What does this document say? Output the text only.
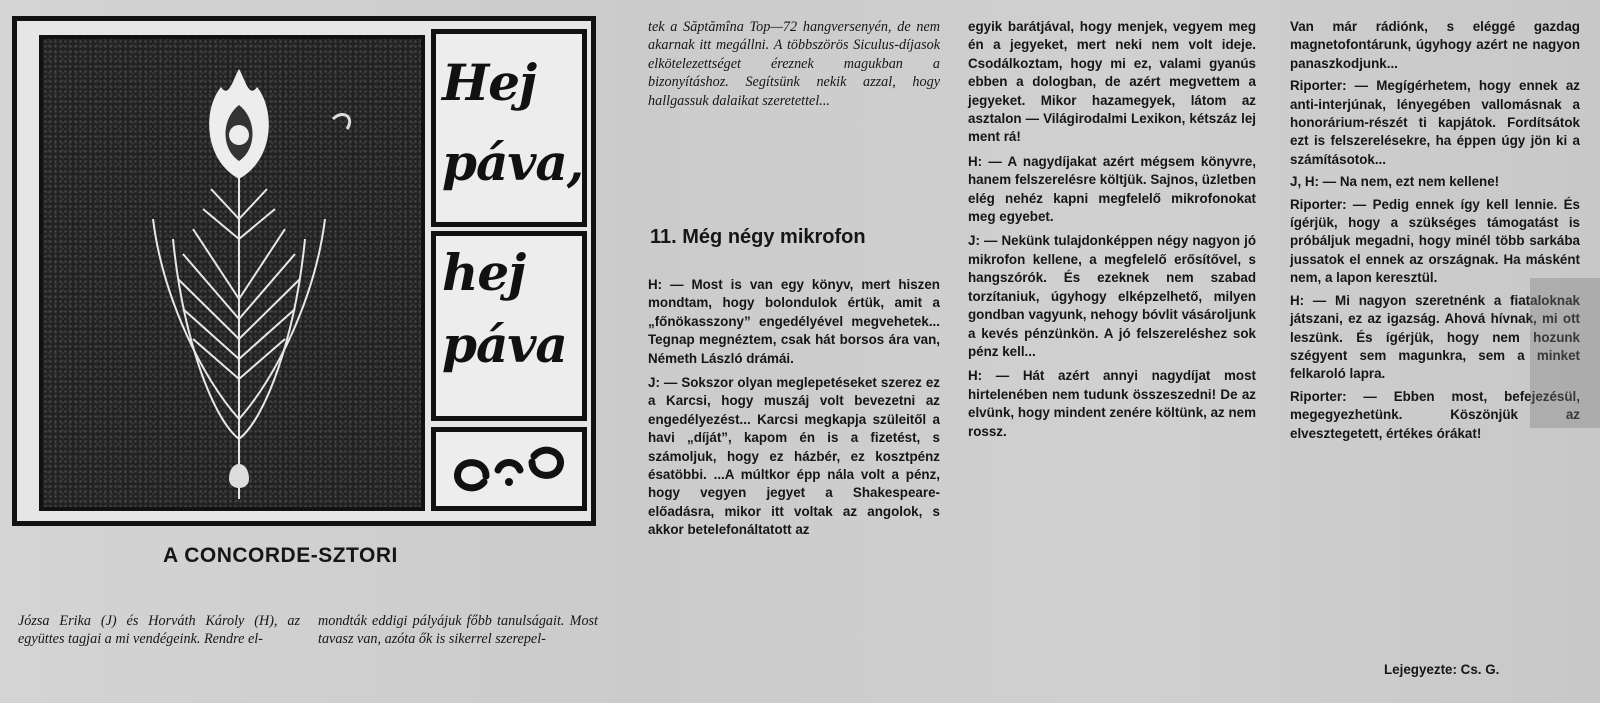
Hej
páva,
hej
páva
A CONCORDE-SZTORI

Józsa Erika (J) és Horváth Károly (H), az együttes tagjai a mi vendégeink. Rendre el-

mondták eddigi pályájuk főbb tanulságait. Most tavasz van, azóta ők is sikerrel szerepel-

tek a Săptămîna Top—72 hangversenyén, de nem akarnak itt megállni. A többszörös Siculus-díjasok elkötelezettséget éreznek magukban a bizonyításhoz. Segítsünk nekik azzal, hogy hallgassuk dalaikat szeretettel...

11. Még négy mikrofon

H: — Most is van egy könyv, mert hiszen mondtam, hogy bolondulok értük, amit a „főnökasszony” engedélyével megvehetek... Tegnap megnéztem, csak hát borsos ára van, Németh László drámái.

J: — Sokszor olyan meglepetéseket szerez ez a Karcsi, hogy muszáj volt bevezetni az engedélyezést... Karcsi megkapja szüleitől a havi „díját”, kapom én is a fizetést, s számoljuk, hogy ez házbér, ez kosztpénz ésatöbbi. ...A múltkor épp nála volt a pénz, hogy vegyen jegyet a Shakespeare-előadásra, mikor itt voltak az angolok, s akkor betelefonáltatott az

egyik barátjával, hogy menjek, vegyem meg én a jegyeket, mert neki nem volt ideje. Csodálkoztam, hogy mi ez, valami gyanús ebben a dologban, de azért megvettem a jegyeket. Mikor hazamegyek, látom az asztalon — Világirodalmi Lexikon, kétszáz lej ment rá!

H: — A nagydíjakat azért mégsem könyvre, hanem felszerelésre költjük. Sajnos, üzletben elég nehéz kapni megfelelő mikrofonokat meg egyebet.

J: — Nekünk tulajdonképpen négy nagyon jó mikrofon kellene, a megfelelő erősítővel, s hangszórók. És ezeknek nem szabad torzítaniuk, úgyhogy elképzelhető, milyen gondban vagyunk, nehogy bóvlit vásároljunk a kevés pénzünkön. A jó felszereléshez sok pénz kell...

H: — Hát azért annyi nagydíjat most hirtelenében nem tudunk összeszedni! De az elvünk, hogy mindent zenére költünk, az nem rossz.

Van már rádiónk, s eléggé gazdag magnetofontárunk, úgyhogy azért ne nagyon panaszkodjunk...

Riporter: — Megígérhetem, hogy ennek az anti-interjúnak, lényegében vallomásnak a honorárium-részét ti kapjátok. Fordítsátok ezt is felszerelésekre, ha éppen úgy jön ki a számításotok...

J, H: — Na nem, ezt nem kellene!

Riporter: — Pedig ennek így kell lennie. És ígérjük, hogy a szükséges támogatást is próbáljuk megadni, hogy minél több sarkába jussatok el ennek az országnak. Ha másként nem, a lapon keresztül.

H: — Mi nagyon szeretnénk a fiataloknak játszani, ez az igazság. Ahová hívnak, mi ott leszünk. És ígérjük, hogy nem hozunk szégyent sem magunkra, sem a minket felkaroló lapra.

Riporter: — Ebben most, befejezésül, megegyezhetünk. Köszönjük az elvesztegetett, értékes órákat!

Lejegyezte: Cs. G.
